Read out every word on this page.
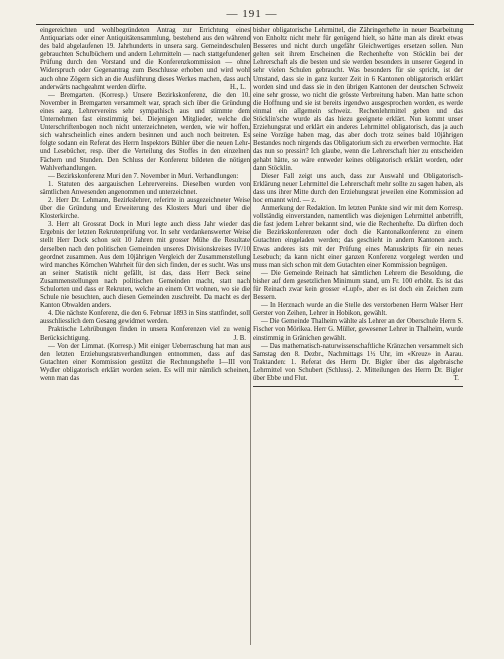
— 191 —

eingereichten und wohlbegründeten Antrag zur Errichtung eines Antiquariats oder einer Antiquitätensammlung, bestehend aus den während des bald abgelaufenen 19. Jahrhunderts in unsera sarg. Gemeindeschulen gebrauchten Schulbüchern und andern Lehrmitteln — nach stattgefundener Prüfung durch den Vorstand und die Konferenzkommission — ohne Widerspruch oder Gegenantrag zum Beschlusse erhoben und wird wohl auch ohne Zögern sich an die Ausführung dieses Werkes machen, dass auch anderwärts nachgeahmt werden dürfte.	H., L.

— Bremgarten. (Korresp.) Unsere Bezirkskonferenz, die den 10. November in Bremgarten versammelt war, sprach sich über die Gründung eines aarg. Lehrervereins sehr sympathisch aus und stimmte dem Unternehmen fast einstimmig bei. Diejenigen Mitglieder, welche die Unterschriftenbogen noch nicht unterzeichneten, werden, wie wir hoffen, sich wahrscheinlich eines andern besinnen und auch noch beitreten. Es folgte sodann ein Referat des Herrn Inspektors Bühler über die neuen Lehr- und Lesebücher, resp. über die Verteilung des Stoffes in den einzelnen Fächern und Stunden. Den Schluss der Konferenz bildeten die nötigen Wahlverhandlungen.

— Bezirkskonferenz Muri den 7. November in Muri. Verhandlungen:

1. Statuten des aargauischen Lehrervereins. Dieselben wurden von sämtlichen Anwesenden angenommen und unterzeichnet.

2. Herr Dr. Lehmann, Bezirkslehrer, referirte in ausgezeichneter Weise über die Gründung und Erweiterung des Klosters Muri und über die Klosterkirche.

3. Herr alt Grossrat Dock in Muri legte auch diess Jahr wieder das Ergebnis der letzten Rekrutenprüfung vor. In sehr verdankenswerter Weise stellt Herr Dock schon seit 10 Jahren mit grosser Mühe die Resultate derselben nach den politischen Gemeinden unseres Divisionskreises IV/10 geordnet zusammen. Aus dem 10jährigen Vergleich der Zusammenstellung wird manches Körnchen Wahrheit für den sich finden, der es sucht. Was uns an seiner Statistik nicht gefällt, ist das, dass Herr Beck seine Zusammenstellungen nach politischen Gemeinden macht, statt nach Schulorten und dass er Rekruten, welche an einem Ort wohnen, wo sie die Schule nie besuchten, auch diesen Gemeinden zuschreibt. Da macht es der Kanton Obwalden anders.

4. Die nächste Konferenz, die den 6. Februar 1893 in Sins stattfindet, soll ausschliesslich dem Gesang gewidmet werden.

Praktische Lehrübungen finden in unsera Konferenzen viel zu wenig Berücksichtigung.	J. B.

— Von der Limmat. (Korresp.) Mit einiger Ueberraschung hat man aus den letzten Erziehungsratsverhandlungen entnommen, dass auf das Gutachten einer Kommission gestützt die Rechnungshefte I—III von Wydler obligatorisch erklärt worden seien. Es will mir nämlich scheinen, wenn man das

bisher obligatorische Lehrmittel, die Zähringerhefte in neuer Bearbeitung von Enholtz nicht mehr für genügend hielt, so hätte man als direkt etwas Besseres und nicht durch ungefähr Gleichwertiges ersetzen sollen. Nun gelten seit ihrem Erscheinen die Rechenhefte von Stöcklin bei der Lehrerschaft als die besten und sie werden besonders in unserer Gegend in sehr vielen Schulen gebraucht. Was besonders für sie spricht, ist der Umstand, dass sie in ganz kurzer Zeit in 6 Kantonen obligatorisch erklärt worden sind und dass sie in den übrigen Kantonen der deutschen Schweiz eine sehr grosse, wo nicht die grösste Verbreitung haben. Man hatte schon die Hoffnung und sie ist bereits irgendwo ausgesprochen worden, es werde einmal ein allgemein schweiz. Rechenlehrmittel geben und das Stöcklin'sche wurde als das hiezu geeignete erklärt. Nun kommt unser Erziehungsrat und erklärt ein anderes Lehrmittel obligatorisch, das ja auch seine Vorzüge haben mag, das aber doch trotz seines bald 10jährigen Bestandes noch nirgends das Obligatorium sich zu erwerben vermochte. Hat das nun so pressirt? Ich glaube, wenn die Lehrerschaft hier zu entscheiden gehabt hätte, so wäre entweder keines obligatorisch erklärt worden, oder dann Stöcklin.

Dieser Fall zeigt uns auch, dass zur Auswahl und Obligatorisch-Erklärung neuer Lehrmittel die Lehrerschaft mehr sollte zu sagen haben, als dass uns ihrer Mitte durch den Erziehungsrat jeweilen eine Kommission ad hoc ernannt wird. — z.

Anmerkung der Redaktion. Im letzten Punkte sind wir mit dem Korresp. vollständig einverstanden, namentlich was diejenigen Lehrmittel anbetrifft, die fast jedem Lehrer bekannt sind, wie die Rechenhefte. Da dürften doch die Bezirkskonferenzen oder doch die Kantonalkonferenz zu einem Gutachten eingeladen werden; das geschieht in andern Kantonen auch. Etwas anderes ists mit der Prüfung eines Manuskripts für ein neues Lesebuch; da kann nicht einer ganzen Konferenz vorgelegt werden und muss man sich schon mit dem Gutachten einer Kommission begnügen.

— Die Gemeinde Reinach hat sämtlichen Lehrern die Besoldung, die bisher auf dem gesetzlichen Minimum stand, um Fr. 100 erhöht. Es ist das für Reinach zwar kein grosser «Lupf», aber es ist doch ein Zeichen zum Bessern.

— In Herznach wurde an die Stelle des verstorbenen Herrn Walser Herr Gerster von Zeihen, Lehrer in Hobikon, gewählt.

— Die Gemeinde Thalheim wählte als Lehrer an der Oberschule Herrn S. Fischer von Mörikea. Herr G. Müller, gewesener Lehrer in Thalheim, wurde einstimmig in Gränichen gewählt.

— Das mathematisch-naturwissenschaftliche Kränzchen versammelt sich Samstag den 8. Dezbr., Nachmittags 1½ Uhr, im «Kreuz» in Aarau. Traktanden: 1. Referat des Herrn Dr. Bigler über das algebraische Lehrmittel von Schubert (Schluss). 2. Mitteilungen des Herrn Dr. Bigler über Ebbe und Flut.	T.
